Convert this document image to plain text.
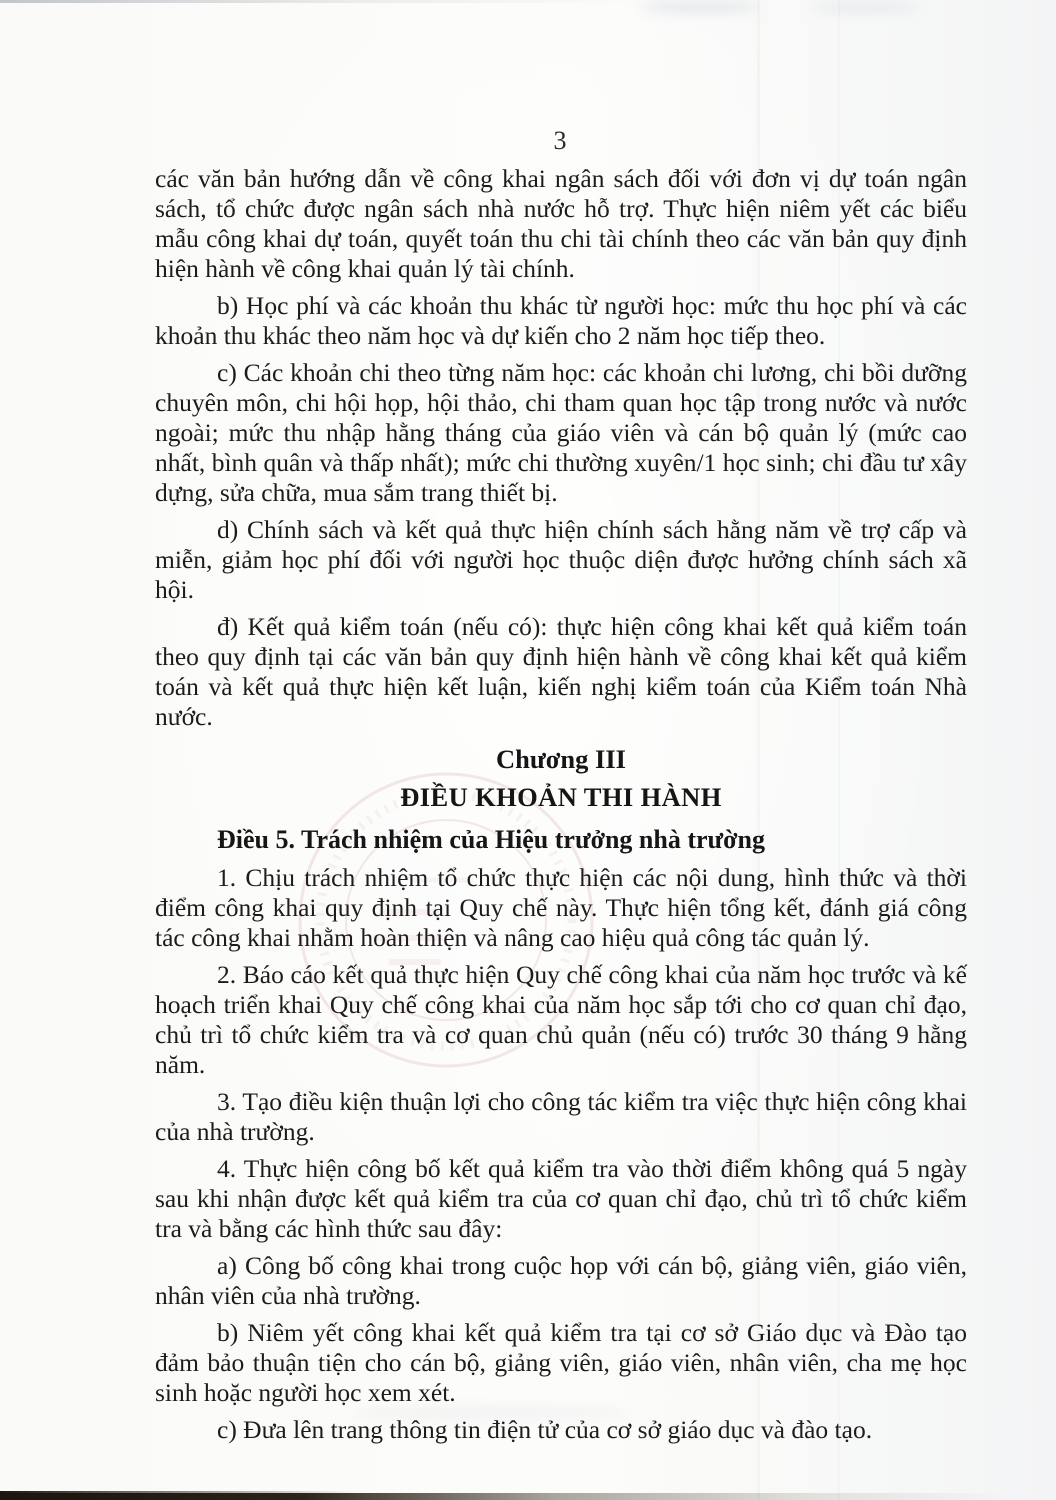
3

các văn bản hướng dẫn về công khai ngân sách đối với đơn vị dự toán ngân sách, tổ chức được ngân sách nhà nước hỗ trợ. Thực hiện niêm yết các biểu mẫu công khai dự toán, quyết toán thu chi tài chính theo các văn bản quy định hiện hành về công khai quản lý tài chính.

b) Học phí và các khoản thu khác từ người học: mức thu học phí và các khoản thu khác theo năm học và dự kiến cho 2 năm học tiếp theo.

c) Các khoản chi theo từng năm học: các khoản chi lương, chi bồi dưỡng chuyên môn, chi hội họp, hội thảo, chi tham quan học tập trong nước và nước ngoài; mức thu nhập hằng tháng của giáo viên và cán bộ quản lý (mức cao nhất, bình quân và thấp nhất); mức chi thường xuyên/1 học sinh; chi đầu tư xây dựng, sửa chữa, mua sắm trang thiết bị.

d) Chính sách và kết quả thực hiện chính sách hằng năm về trợ cấp và miễn, giảm học phí đối với người học thuộc diện được hưởng chính sách xã hội.

đ) Kết quả kiểm toán (nếu có): thực hiện công khai kết quả kiểm toán theo quy định tại các văn bản quy định hiện hành về công khai kết quả kiểm toán và kết quả thực hiện kết luận, kiến nghị kiểm toán của Kiểm toán Nhà nước.

Chương III
ĐIỀU KHOẢN THI HÀNH
Điều 5. Trách nhiệm của Hiệu trưởng nhà trường

1. Chịu trách nhiệm tổ chức thực hiện các nội dung, hình thức và thời điểm công khai quy định tại Quy chế này. Thực hiện tổng kết, đánh giá công tác công khai nhằm hoàn thiện và nâng cao hiệu quả công tác quản lý.

2. Báo cáo kết quả thực hiện Quy chế công khai của năm học trước và kế hoạch triển khai Quy chế công khai của năm học sắp tới cho cơ quan chỉ đạo, chủ trì tổ chức kiểm tra và cơ quan chủ quản (nếu có) trước 30 tháng 9 hằng năm.

3. Tạo điều kiện thuận lợi cho công tác kiểm tra việc thực hiện công khai của nhà trường.

4. Thực hiện công bố kết quả kiểm tra vào thời điểm không quá 5 ngày sau khi nhận được kết quả kiểm tra của cơ quan chỉ đạo, chủ trì tổ chức kiểm tra và bằng các hình thức sau đây:

a) Công bố công khai trong cuộc họp với cán bộ, giảng viên, giáo viên, nhân viên của nhà trường.

b) Niêm yết công khai kết quả kiểm tra tại cơ sở Giáo dục và Đào tạo đảm bảo thuận tiện cho cán bộ, giảng viên, giáo viên, nhân viên, cha mẹ học sinh hoặc người học xem xét.

c) Đưa lên trang thông tin điện tử của cơ sở giáo dục và đào tạo.
